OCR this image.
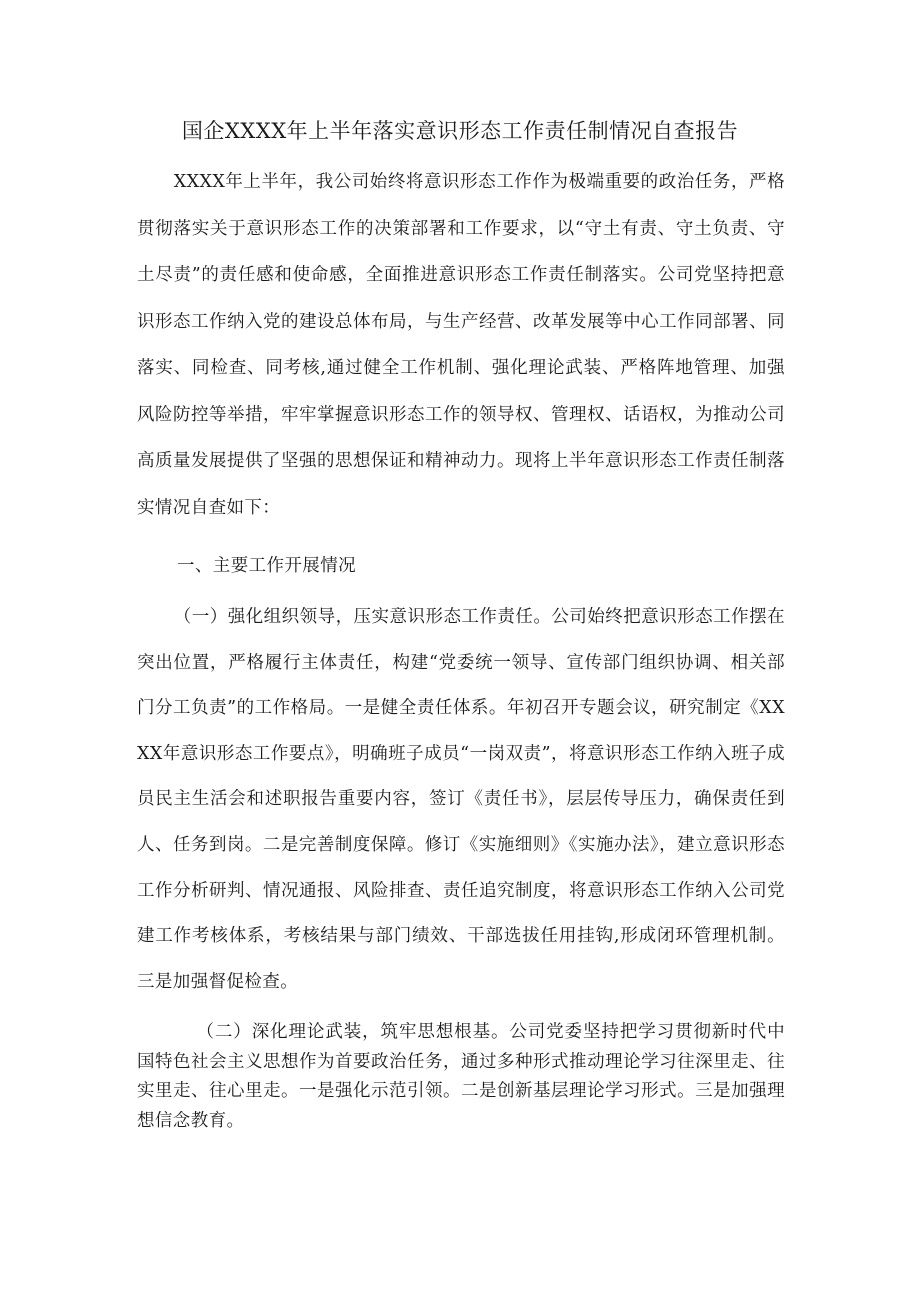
国企XXXX年上半年落实意识形态工作责任制情况自查报告

XXXX年上半年，我公司始终将意识形态工作作为极端重要的政治任务，严格贯彻落实关于意识形态工作的决策部署和工作要求，以“守土有责、守土负责、守土尽责”的责任感和使命感，全面推进意识形态工作责任制落实。公司党坚持把意识形态工作纳入党的建设总体布局，与生产经营、改革发展等中心工作同部署、同落实、同检查、同考核,通过健全工作机制、强化理论武装、严格阵地管理、加强风险防控等举措，牢牢掌握意识形态工作的领导权、管理权、话语权，为推动公司高质量发展提供了坚强的思想保证和精神动力。现将上半年意识形态工作责任制落实情况自查如下：

一、主要工作开展情况

（一）强化组织领导，压实意识形态工作责任。公司始终把意识形态工作摆在突出位置，严格履行主体责任，构建“党委统一领导、宣传部门组织协调、相关部门分工负责”的工作格局。一是健全责任体系。年初召开专题会议，研究制定《XXXX年意识形态工作要点》，明确班子成员“一岗双责”，将意识形态工作纳入班子成员民主生活会和述职报告重要内容，签订《责任书》，层层传导压力，确保责任到人、任务到岗。二是完善制度保障。修订《实施细则》《实施办法》，建立意识形态工作分析研判、情况通报、风险排查、责任追究制度，将意识形态工作纳入公司党建工作考核体系，考核结果与部门绩效、干部选拔任用挂钩,形成闭环管理机制。三是加强督促检查。

（二）深化理论武装，筑牢思想根基。公司党委坚持把学习贯彻新时代中国特色社会主义思想作为首要政治任务，通过多种形式推动理论学习往深里走、往实里走、往心里走。一是强化示范引领。二是创新基层理论学习形式。三是加强理想信念教育。
